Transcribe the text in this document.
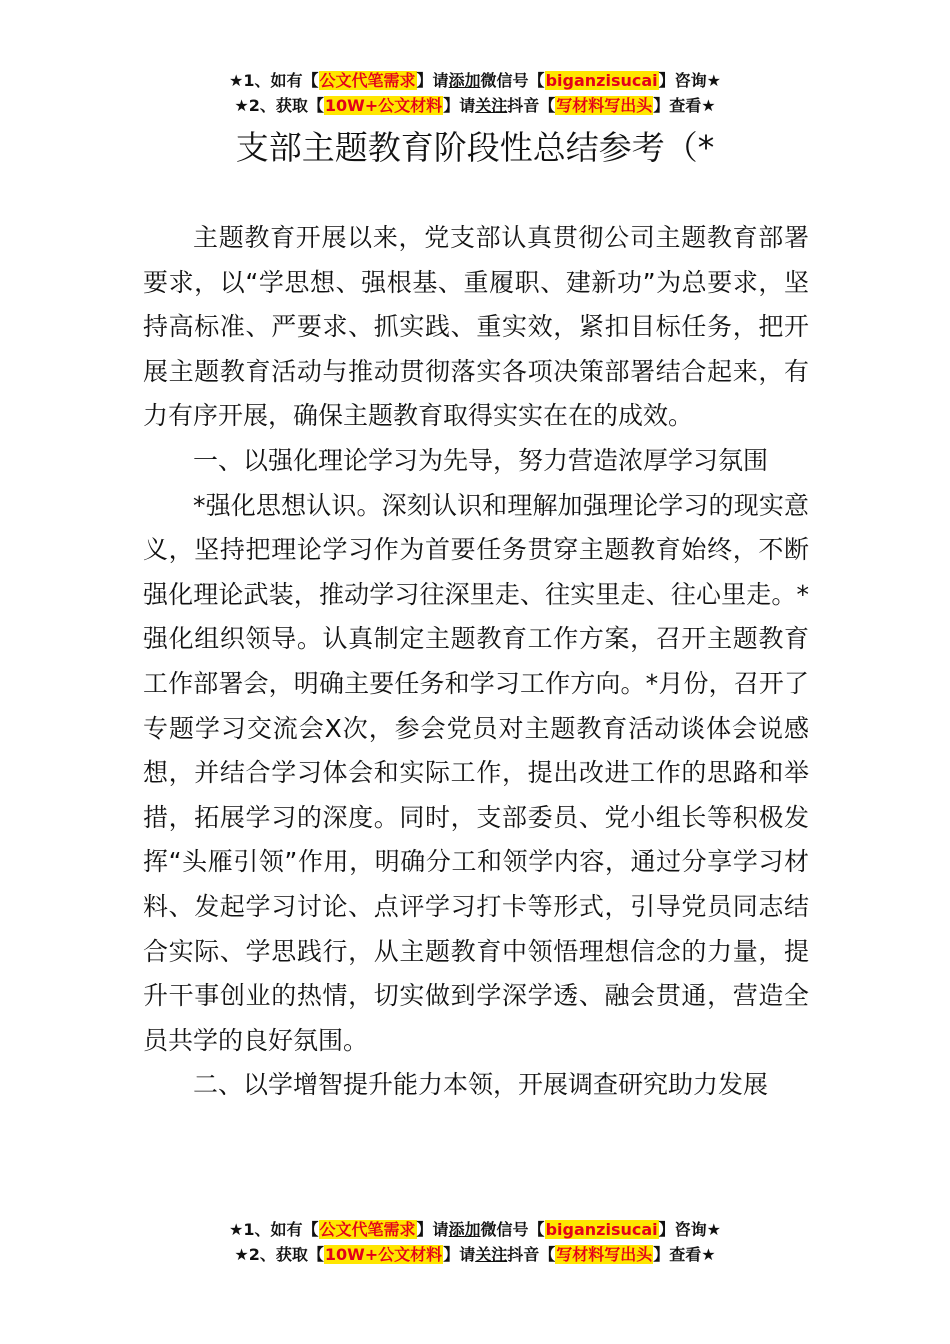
★1、如有【公文代笔需求】请添加微信号【biganzisucai】咨询★
★2、获取【10W+公文材料】请关注抖音【写材料写出头】查看★
支部主题教育阶段性总结参考（*

主题教育开展以来，党支部认真贯彻公司主题教育部署要求，以“学思想、强根基、重履职、建新功”为总要求，坚持高标准、严要求、抓实践、重实效，紧扣目标任务，把开展主题教育活动与推动贯彻落实各项决策部署结合起来，有力有序开展，确保主题教育取得实实在在的成效。

一、以强化理论学习为先导，努力营造浓厚学习氛围

*强化思想认识。深刻认识和理解加强理论学习的现实意义，坚持把理论学习作为首要任务贯穿主题教育始终，不断强化理论武装，推动学习往深里走、往实里走、往心里走。*强化组织领导。认真制定主题教育工作方案，召开主题教育工作部署会，明确主要任务和学习工作方向。*月份，召开了专题学习交流会X次，参会党员对主题教育活动谈体会说感想，并结合学习体会和实际工作，提出改进工作的思路和举措，拓展学习的深度。同时，支部委员、党小组长等积极发挥“头雁引领”作用，明确分工和领学内容，通过分享学习材料、发起学习讨论、点评学习打卡等形式，引导党员同志结合实际、学思践行，从主题教育中领悟理想信念的力量，提升干事创业的热情，切实做到学深学透、融会贯通，营造全员共学的良好氛围。

二、以学增智提升能力本领，开展调查研究助力发展

★1、如有【公文代笔需求】请添加微信号【biganzisucai】咨询★
★2、获取【10W+公文材料】请关注抖音【写材料写出头】查看★
